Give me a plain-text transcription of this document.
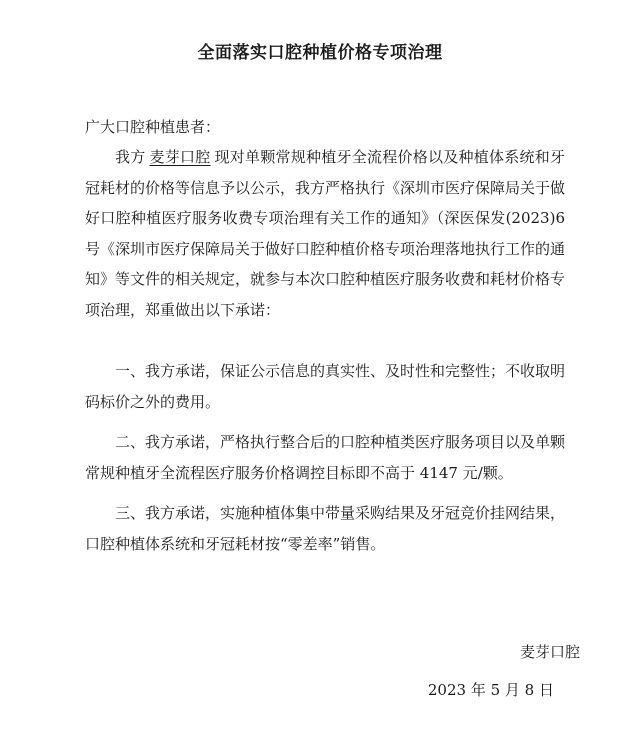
全面落实口腔种植价格专项治理
广大口腔种植患者：

我方 麦芽口腔 现对单颗常规种植牙全流程价格以及种植体系统和牙冠耗材的价格等信息予以公示，我方严格执行《深圳市医疗保障局关于做好口腔种植医疗服务收费专项治理有关工作的通知》（深医保发(2023)6号《深圳市医疗保障局关于做好口腔种植价格专项治理落地执行工作的通知》等文件的相关规定，就参与本次口腔种植医疗服务收费和耗材价格专项治理，郑重做出以下承诺：

一、我方承诺，保证公示信息的真实性、及时性和完整性；不收取明码标价之外的费用。

二、我方承诺，严格执行整合后的口腔种植类医疗服务项目以及单颗常规种植牙全流程医疗服务价格调控目标即不高于 4147 元/颗。

三、我方承诺，实施种植体集中带量采购结果及牙冠竞价挂网结果，口腔种植体系统和牙冠耗材按“零差率”销售。

麦芽口腔
2023 年 5 月 8 日
